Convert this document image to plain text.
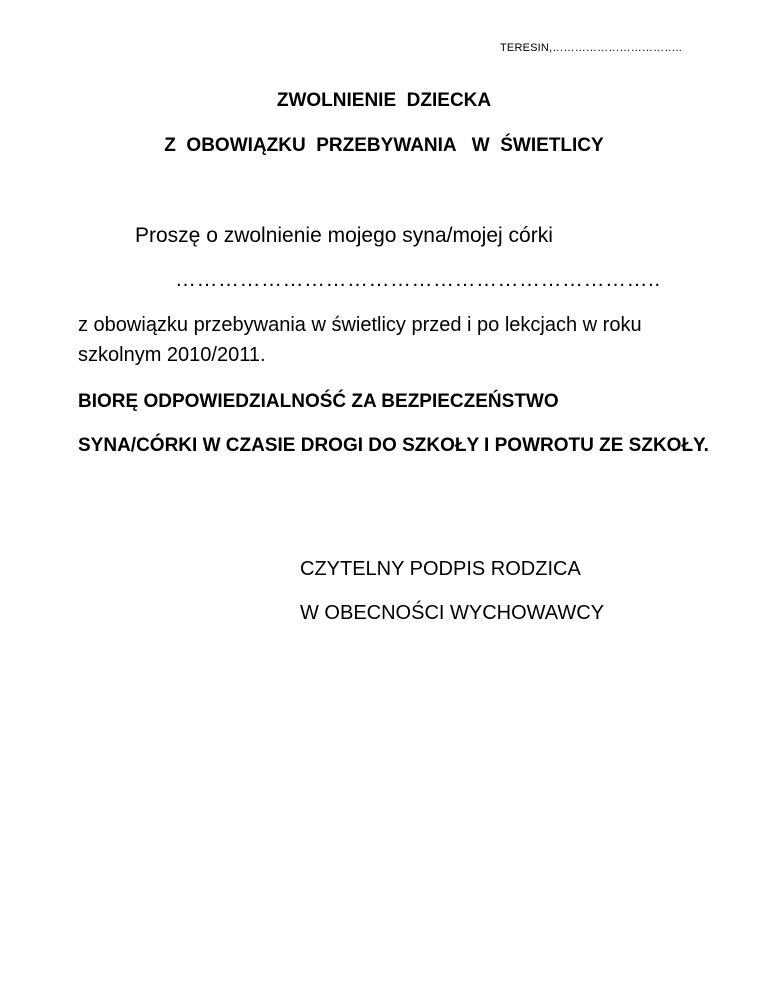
TERESIN,……………………………..
ZWOLNIENIE  DZIECKA
Z  OBOWIĄZKU  PRZEBYWANIA   W  ŚWIETLICY
Proszę o zwolnienie mojego syna/mojej córki
…………………………………………………………..
z obowiązku przebywania w świetlicy przed i po lekcjach w roku szkolnym 2010/2011.
BIORĘ ODPOWIEDZIALNOŚĆ ZA BEZPIECZEŃSTWO
SYNA/CÓRKI W CZASIE DROGI DO SZKOŁY I POWROTU ZE SZKOŁY.
CZYTELNY PODPIS RODZICA
W OBECNOŚCI WYCHOWAWCY
